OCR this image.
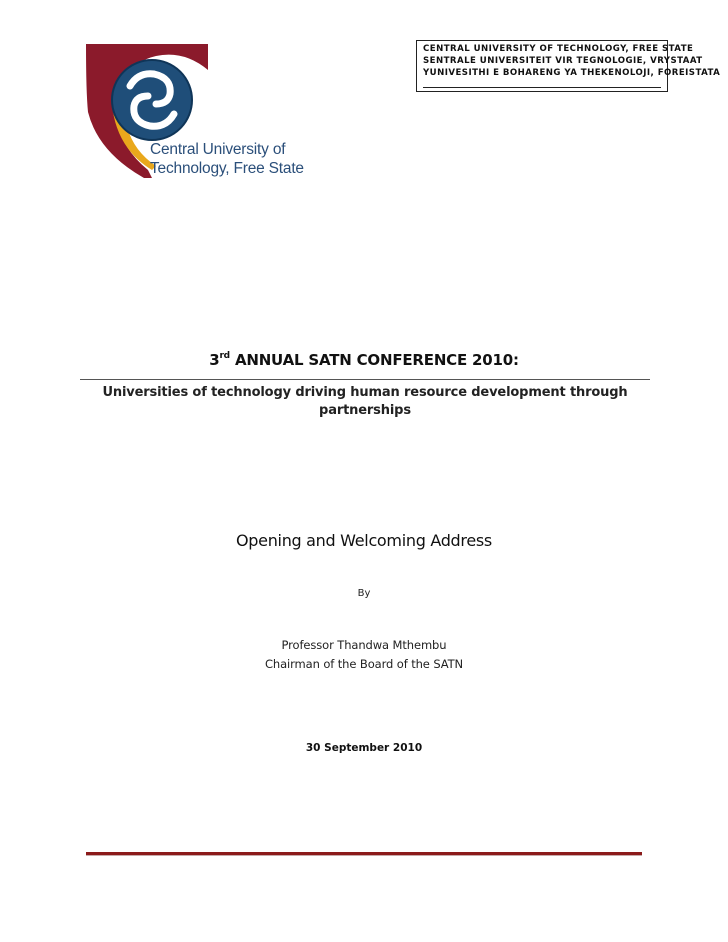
Central University of
Technology, Free State
CENTRAL UNIVERSITY OF TECHNOLOGY, FREE STATE
SENTRALE UNIVERSITEIT VIR TEGNOLOGIE, VRYSTAAT
YUNIVESITHI E BOHARENG YA THEKENOLOJI, FOREISTATA
3rd ANNUAL SATN CONFERENCE 2010:
Universities of technology driving human resource development through partnerships
Opening and Welcoming Address
By
Professor Thandwa Mthembu
Chairman of the Board of the SATN
30 September 2010
